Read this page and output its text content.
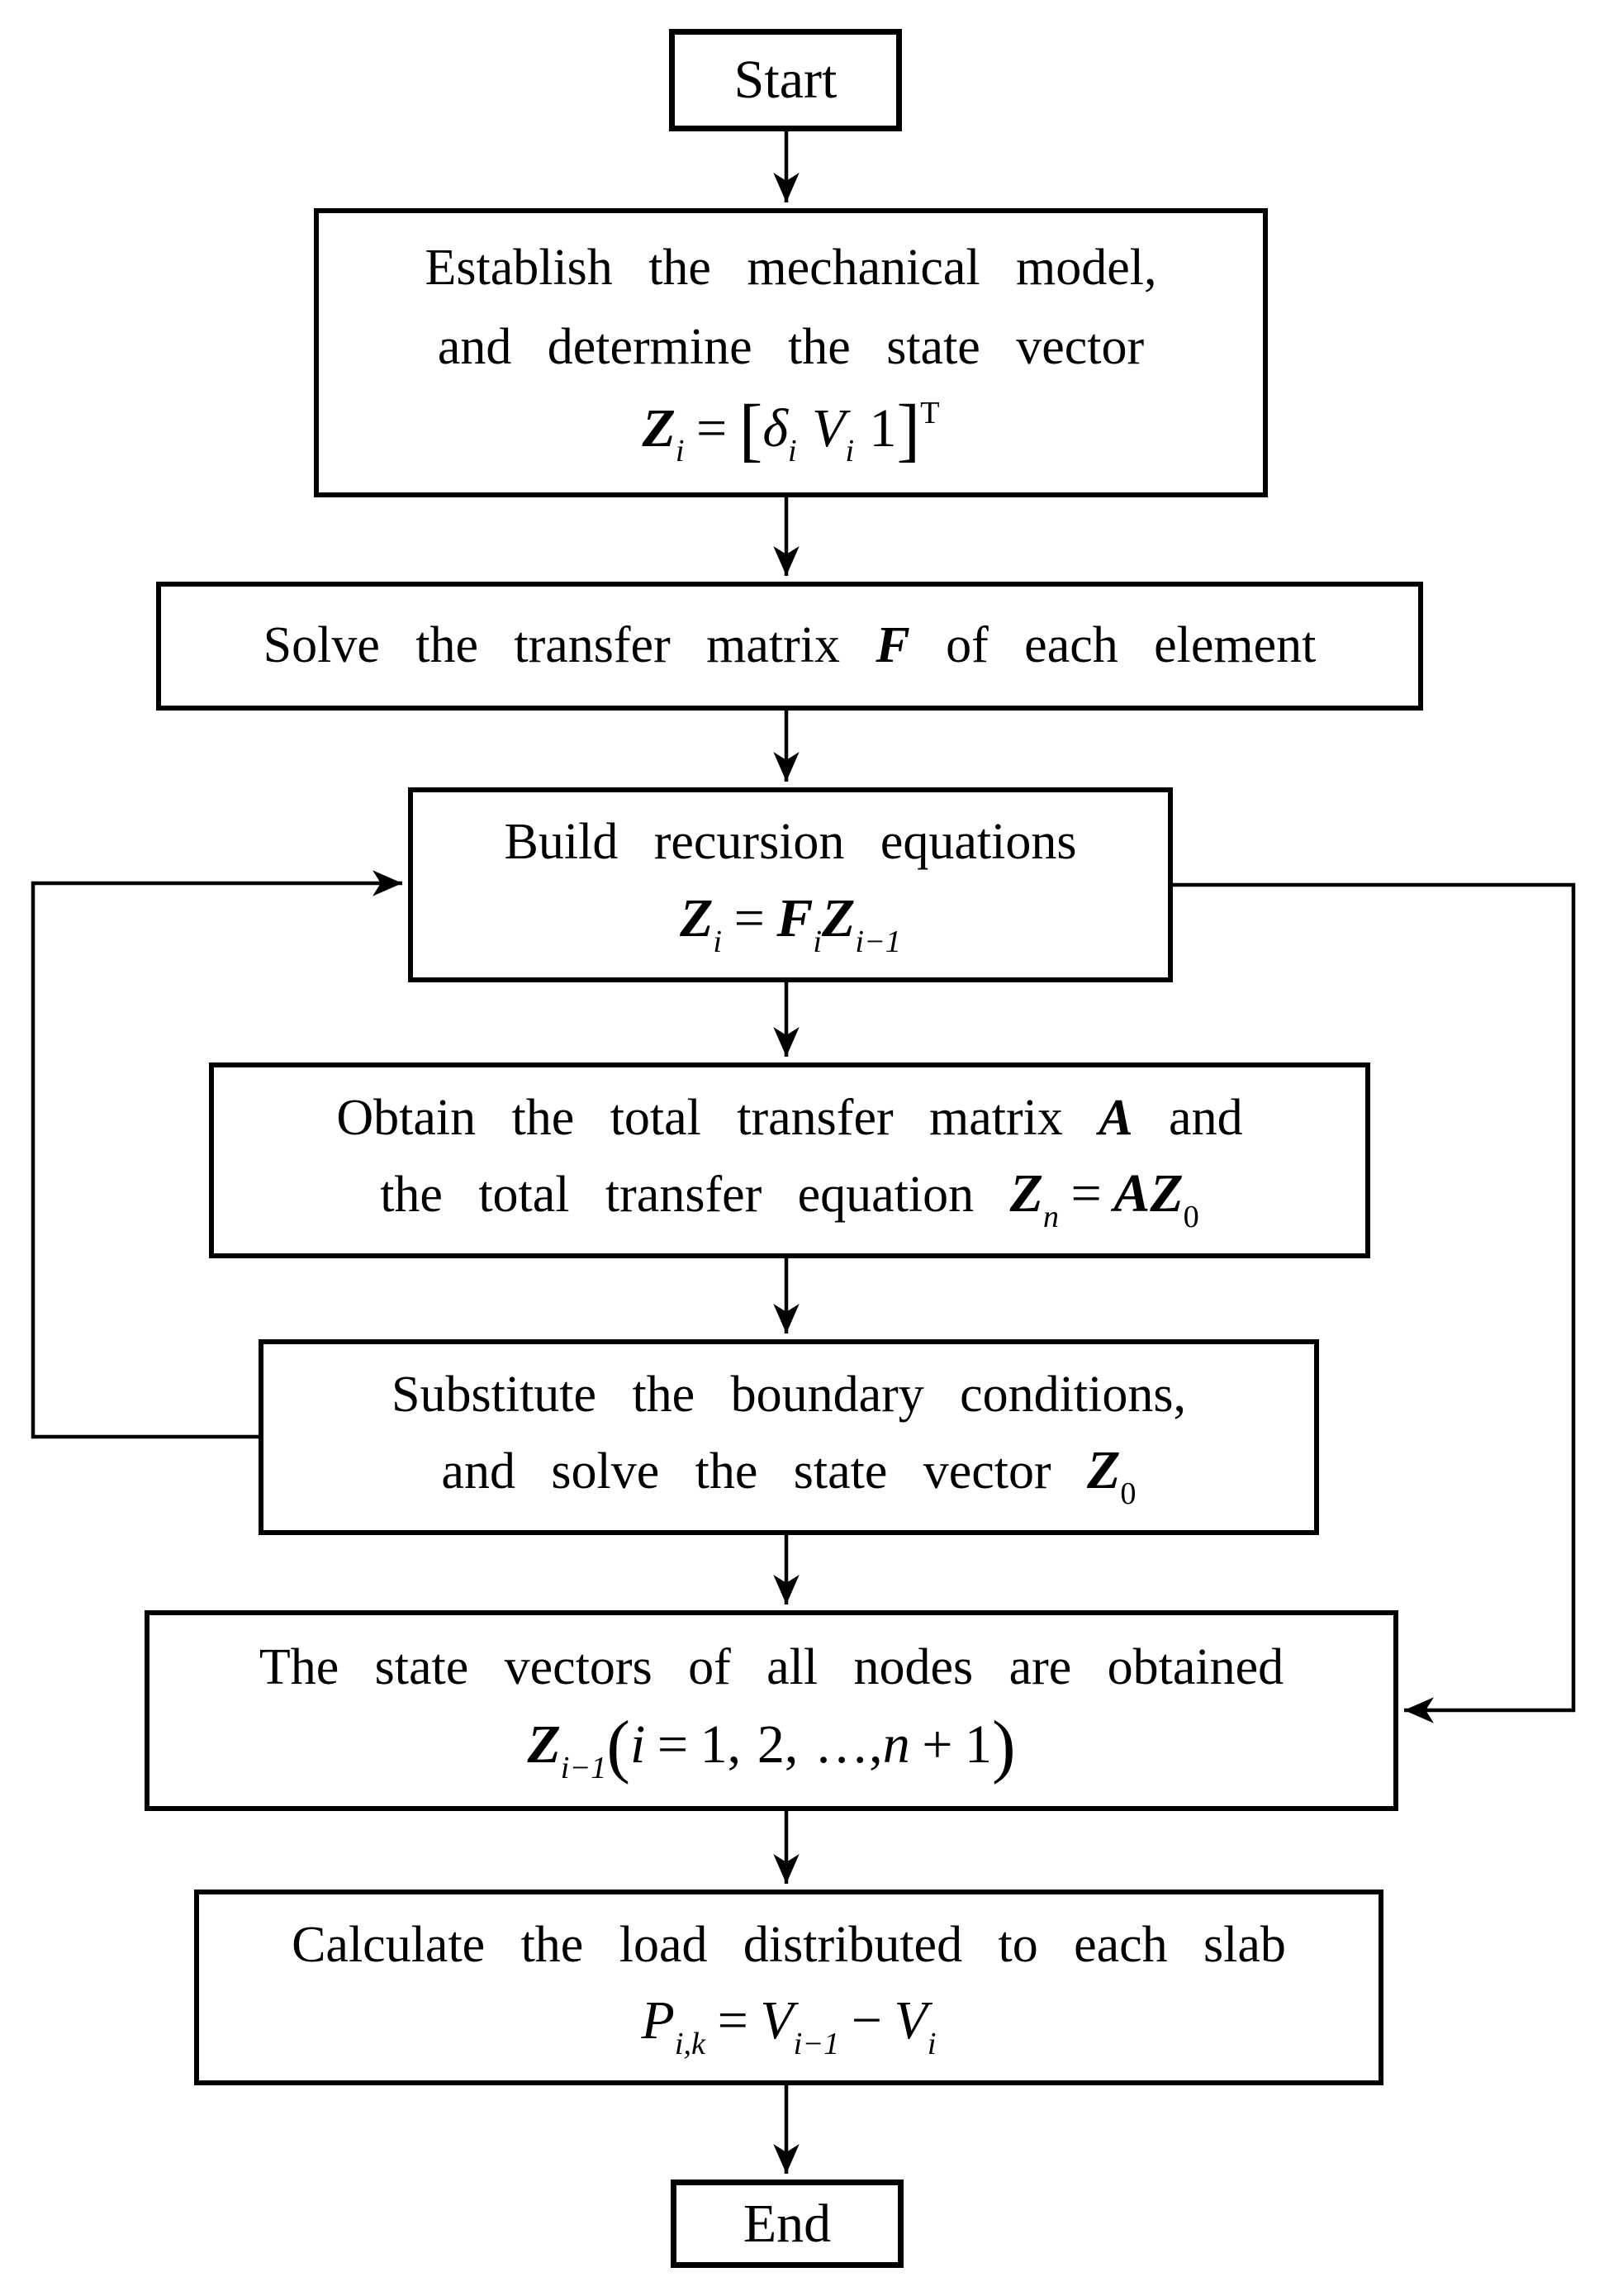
Start
Establish the mechanical model,
and determine the state vector
$Z_i = [\delta_i$ $V_i$ 1]$^T$
Solve the transfer matrix F of each element
Build recursion equations
$Z_i = F_iZ_{i-1}$
Obtain the total transfer matrix A and
the total transfer equation $Z_n = AZ_0$
Substitute the boundary conditions,
and solve the state vector $Z_0$
The state vectors of all nodes are obtained
$Z_{i-1}(i = 1$, 2, …,n + 1)
Calculate the load distributed to each slab
$P_{i,k} = V_{i-1} - V_i$
End
